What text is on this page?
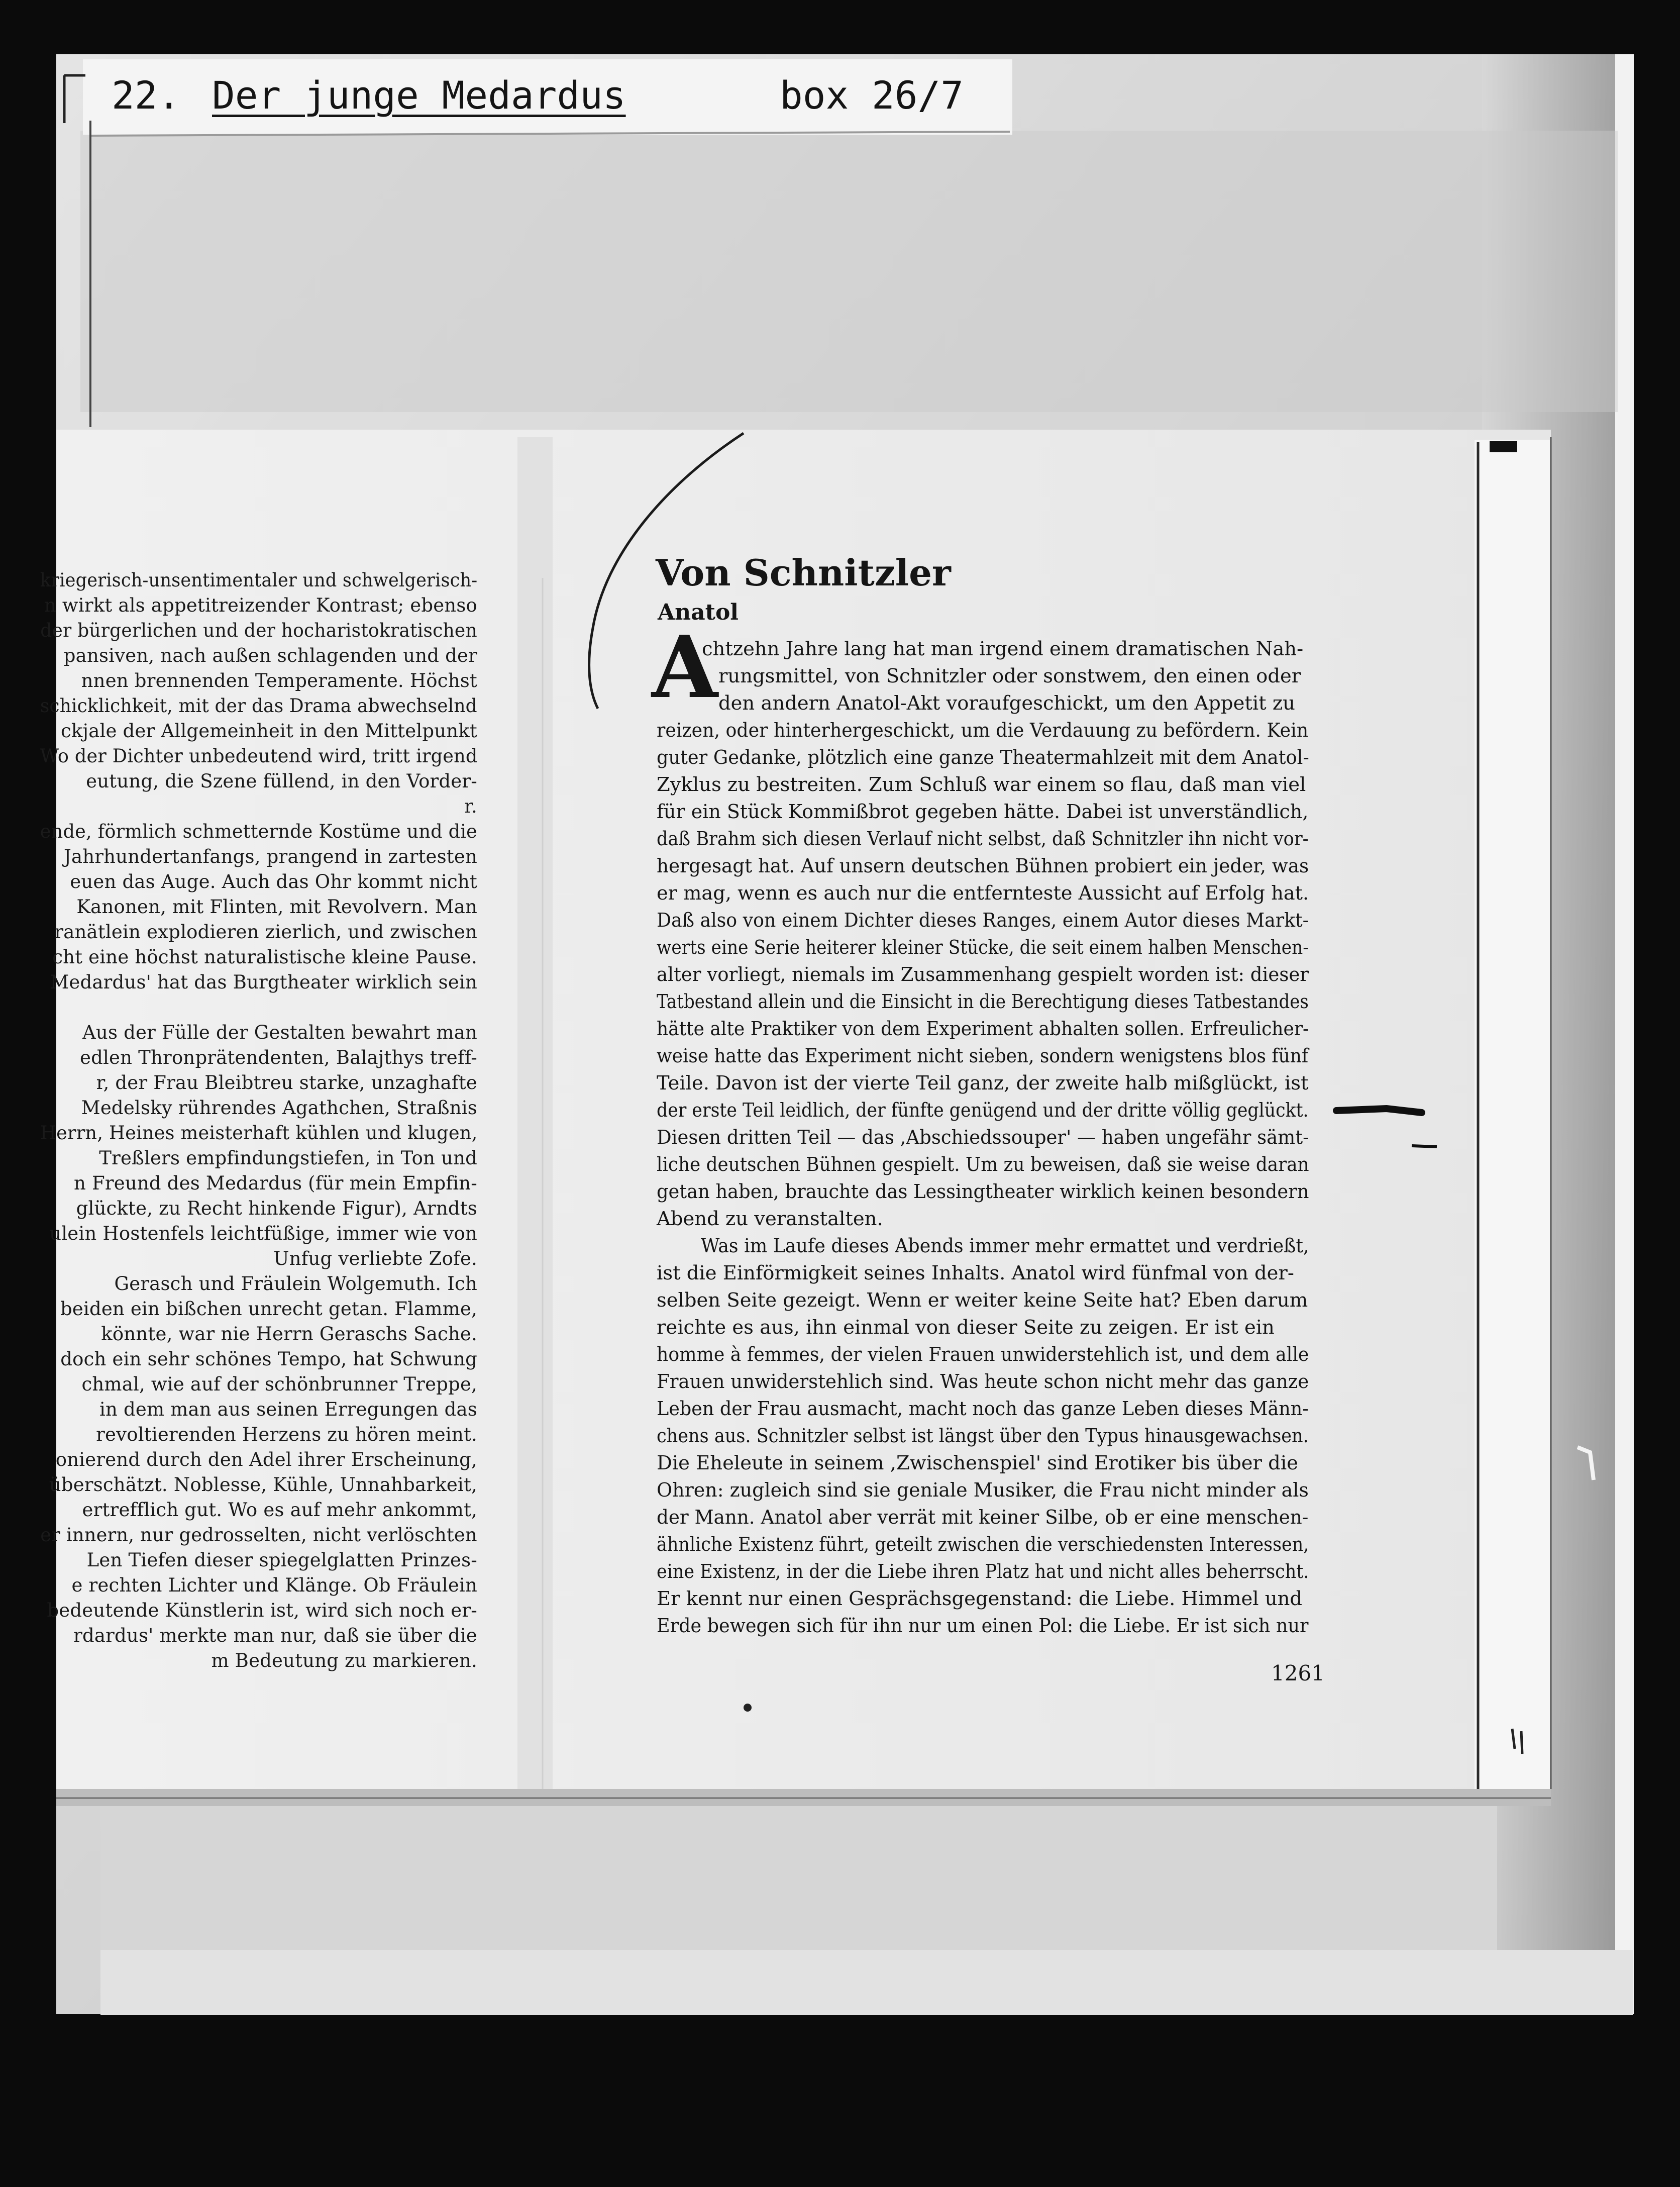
22. Der junge Medardus	box 26/7
kriegerisch-unsentimentaler und schwelgerisch-
n wirkt als appetitreizender Kontrast; ebenso
der bürgerlichen und der hocharistokratischen
pansiven, nach außen schlagenden und der
nnen brennenden Temperamente. Höchst
schicklichkeit, mit der das Drama abwechselnd
ckjale der Allgemeinheit in den Mittelpunkt
Wo der Dichter unbedeutend wird, tritt irgend
eutung, die Szene füllend, in den Vorder-
r.
ende, förmlich schmetternde Kostüme und die
Jahrhundertanfangs, prangend in zartesten
euen das Auge. Auch das Ohr kommt nicht
Kanonen, mit Flinten, mit Revolvern. Man
ranätlein explodieren zierlich, und zwischen
cht eine höchst naturalistische kleine Pause.
Medardus' hat das Burgtheater wirklich sein
Aus der Fülle der Gestalten bewahrt man
edlen Thronprätendenten, Balajthys treff-
r, der Frau Bleibtreu starke, unzaghafte
Medelsky rührendes Agathchen, Straßnis
Herrn, Heines meisterhaft kühlen und klugen,
Treßlers empfindungstiefen, in Ton und
n Freund des Medardus (für mein Empfin-
glückte, zu Recht hinkende Figur), Arndts
ulein Hostenfels leichtfüßige, immer wie von
Unfug verliebte Zofe.
Gerasch und Fräulein Wolgemuth. Ich
beiden ein bißchen unrecht getan. Flamme,
könnte, war nie Herrn Geraschs Sache.
doch ein sehr schönes Tempo, hat Schwung
chmal, wie auf der schönbrunner Treppe,
in dem man aus seinen Erregungen das
revoltierenden Herzens zu hören meint.
onierend durch den Adel ihrer Erscheinung,
überschätzt. Noblesse, Kühle, Unnahbarkeit,
ertrefflich gut. Wo es auf mehr ankommt,
er innern, nur gedrosselten, nicht verlöschten
Len Tiefen dieser spiegelglatten Prinzes-
e rechten Lichter und Klänge. Ob Fräulein
bedeutende Künstlerin ist, wird sich noch er-
rdardus' merkte man nur, daß sie über die
m Bedeutung zu markieren.
Von Schnitzler
Anatol
A
chtzehn Jahre lang hat man irgend einem dramatischen Nah-
rungsmittel, von Schnitzler oder sonstwem, den einen oder
den andern Anatol-Akt voraufgeschickt, um den Appetit zu
reizen, oder hinterhergeschickt, um die Verdauung zu befördern. Kein
guter Gedanke, plötzlich eine ganze Theatermahlzeit mit dem Anatol-
Zyklus zu bestreiten. Zum Schluß war einem so flau, daß man viel
für ein Stück Kommißbrot gegeben hätte. Dabei ist unverständlich,
daß Brahm sich diesen Verlauf nicht selbst, daß Schnitzler ihn nicht vor-
hergesagt hat. Auf unsern deutschen Bühnen probiert ein jeder, was
er mag, wenn es auch nur die entfernteste Aussicht auf Erfolg hat.
Daß also von einem Dichter dieses Ranges, einem Autor dieses Markt-
werts eine Serie heiterer kleiner Stücke, die seit einem halben Menschen-
alter vorliegt, niemals im Zusammenhang gespielt worden ist: dieser
Tatbestand allein und die Einsicht in die Berechtigung dieses Tatbestandes
hätte alte Praktiker von dem Experiment abhalten sollen. Erfreulicher-
weise hatte das Experiment nicht sieben, sondern wenigstens blos fünf
Teile. Davon ist der vierte Teil ganz, der zweite halb mißglückt, ist
der erste Teil leidlich, der fünfte genügend und der dritte völlig geglückt.
Diesen dritten Teil — das ,Abschiedssouper' — haben ungefähr sämt-
liche deutschen Bühnen gespielt. Um zu beweisen, daß sie weise daran
getan haben, brauchte das Lessingtheater wirklich keinen besondern
Abend zu veranstalten.
Was im Laufe dieses Abends immer mehr ermattet und verdrießt,
ist die Einförmigkeit seines Inhalts. Anatol wird fünfmal von der-
selben Seite gezeigt. Wenn er weiter keine Seite hat? Eben darum
reichte es aus, ihn einmal von dieser Seite zu zeigen. Er ist ein
homme à femmes, der vielen Frauen unwiderstehlich ist, und dem alle
Frauen unwiderstehlich sind. Was heute schon nicht mehr das ganze
Leben der Frau ausmacht, macht noch das ganze Leben dieses Männ-
chens aus. Schnitzler selbst ist längst über den Typus hinausgewachsen.
Die Eheleute in seinem ,Zwischenspiel' sind Erotiker bis über die
Ohren: zugleich sind sie geniale Musiker, die Frau nicht minder als
der Mann. Anatol aber verrät mit keiner Silbe, ob er eine menschen-
ähnliche Existenz führt, geteilt zwischen die verschiedensten Interessen,
eine Existenz, in der die Liebe ihren Platz hat und nicht alles beherrscht.
Er kennt nur einen Gesprächsgegenstand: die Liebe. Himmel und
Erde bewegen sich für ihn nur um einen Pol: die Liebe. Er ist sich nur
1261
